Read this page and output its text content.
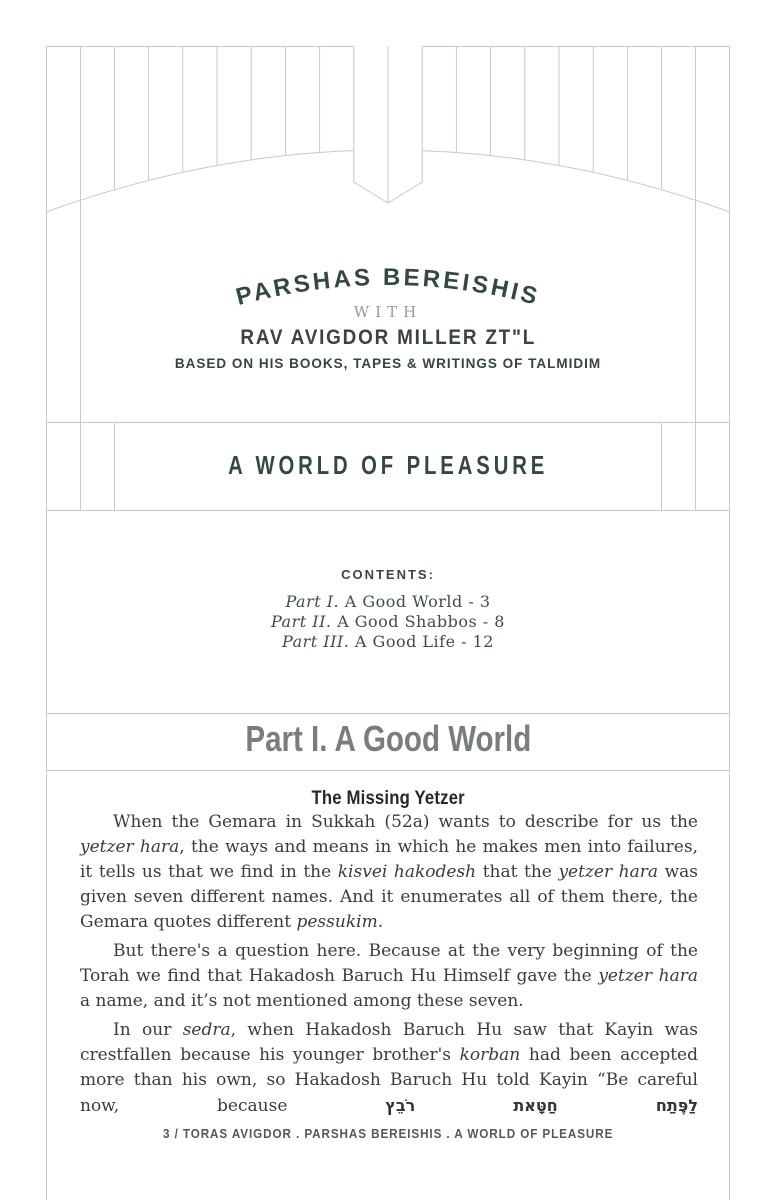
PARSHAS BEREISHIS
WITH
RAV AVIGDOR MILLER ZT"L
BASED ON HIS BOOKS, TAPES & WRITINGS OF TALMIDIM
A WORLD OF PLEASURE
CONTENTS:
Part I. A Good World - 3
Part II. A Good Shabbos - 8
Part III. A Good Life - 12
Part I. A Good World
The Missing Yetzer

When the Gemara in Sukkah (52a) wants to describe for us the yetzer hara, the ways and means in which he makes men into failures, it tells us that we find in the kisvei hakodesh that the yetzer hara was given seven different names. And it enumerates all of them there, the Gemara quotes different pessukim.

But there's a question here. Because at the very beginning of the Torah we find that Hakadosh Baruch Hu Himself gave the yetzer hara a name, and it’s not mentioned among these seven.

In our sedra, when Hakadosh Baruch Hu saw that Kayin was crestfallen because his younger brother's korban had been accepted more than his own, so Hakadosh Baruch Hu told Kayin “Be careful now, because לַפֶּתַח חַטָּאת רֹבֵץ

3 / TORAS AVIGDOR . PARSHAS BEREISHIS . A WORLD OF PLEASURE
